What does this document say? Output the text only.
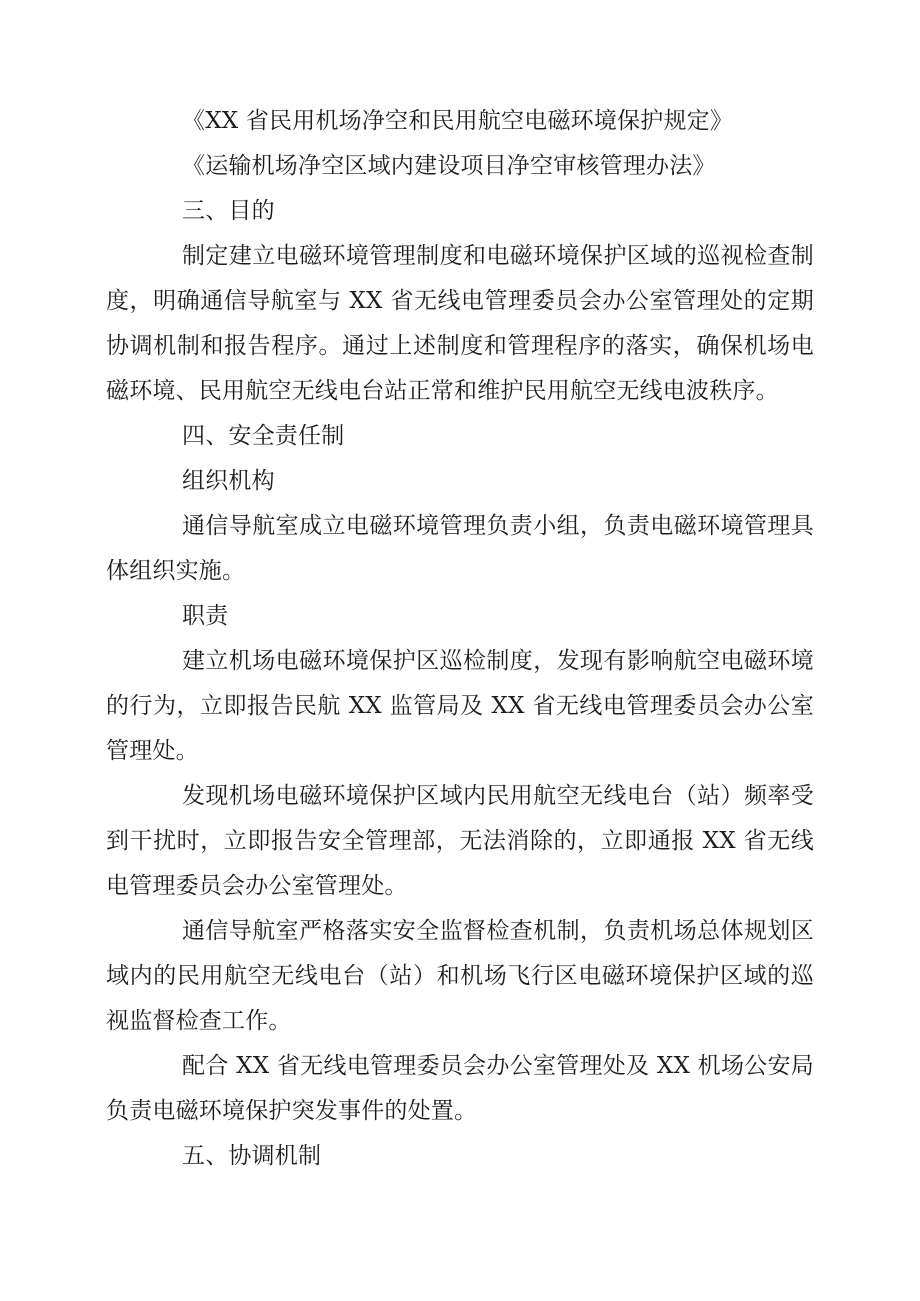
《XX 省民用机场净空和民用航空电磁环境保护规定》

《运输机场净空区域内建设项目净空审核管理办法》

三、目的

制定建立电磁环境管理制度和电磁环境保护区域的巡视检查制度，明确通信导航室与 XX 省无线电管理委员会办公室管理处的定期协调机制和报告程序。通过上述制度和管理程序的落实，确保机场电磁环境、民用航空无线电台站正常和维护民用航空无线电波秩序。

四、安全责任制

组织机构

通信导航室成立电磁环境管理负责小组，负责电磁环境管理具体组织实施。

职责

建立机场电磁环境保护区巡检制度，发现有影响航空电磁环境的行为，立即报告民航 XX 监管局及 XX 省无线电管理委员会办公室管理处。

发现机场电磁环境保护区域内民用航空无线电台（站）频率受到干扰时，立即报告安全管理部，无法消除的，立即通报 XX 省无线电管理委员会办公室管理处。

通信导航室严格落实安全监督检查机制，负责机场总体规划区域内的民用航空无线电台（站）和机场飞行区电磁环境保护区域的巡视监督检查工作。

配合 XX 省无线电管理委员会办公室管理处及 XX 机场公安局负责电磁环境保护突发事件的处置。

五、协调机制
